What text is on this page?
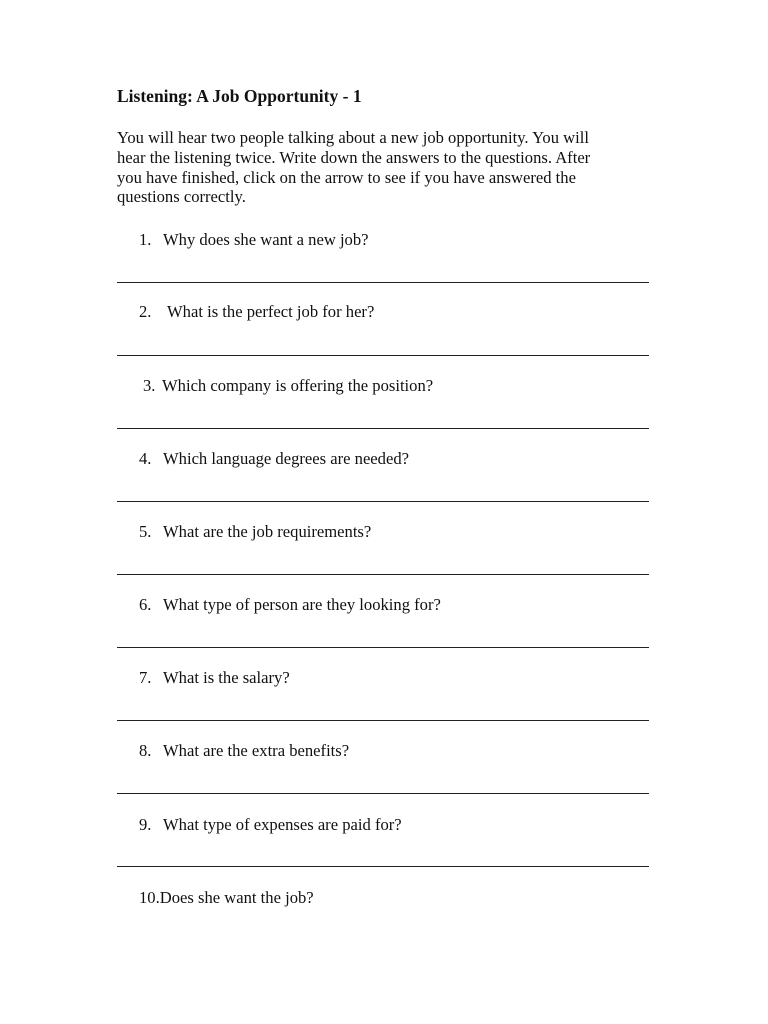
Listening: A Job Opportunity - 1
You will hear two people talking about a new job opportunity. You will
hear the listening twice. Write down the answers to the questions. After
you have finished, click on the arrow to see if you have answered the
questions correctly.
1. Why does she want a new job?
2. What is the perfect job for her?
3. Which company is offering the position?
4. Which language degrees are needed?
5. What are the job requirements?
6. What type of person are they looking for?
7. What is the salary?
8. What are the extra benefits?
9. What type of expenses are paid for?
10.Does she want the job?
